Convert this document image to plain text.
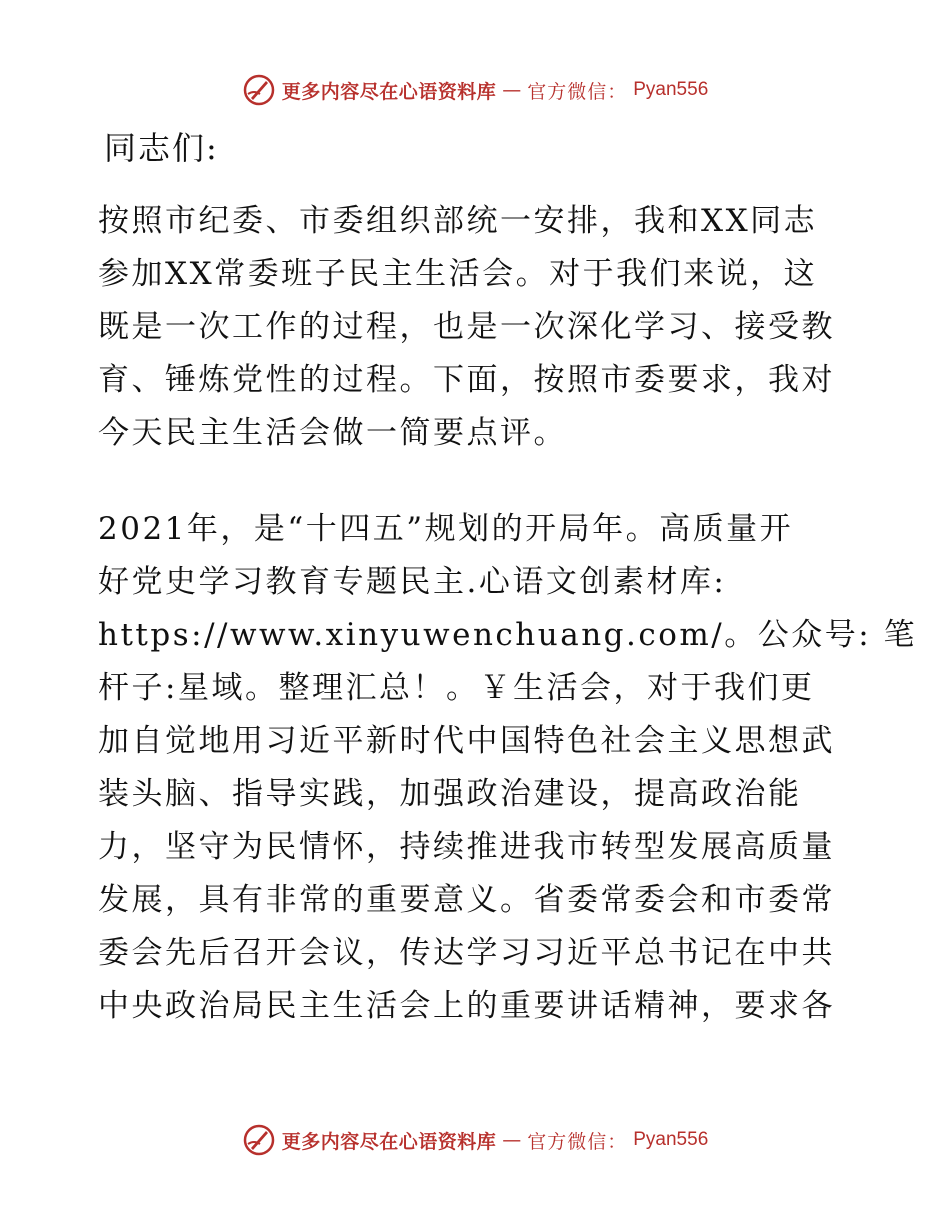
更多内容尽在心语资料库 — 官方微信： Pyan556
同志们:

按照市纪委、市委组织部统一安排，我和XX同志
参加XX常委班子民主生活会。对于我们来说，这
既是一次工作的过程，也是一次深化学习、接受教
育、锤炼党性的过程。下面，按照市委要求，我对
今天民主生活会做一简要点评。

2021年，是“十四五”规划的开局年。高质量开
好党史学习教育专题民主.心语文创素材库:
https://www.xinyuwenchuang.com/。公众号: 笔
杆子:星域。整理汇总！。￥生活会，对于我们更
加自觉地用习近平新时代中国特色社会主义思想武
装头脑、指导实践，加强政治建设，提高政治能
力，坚守为民情怀，持续推进我市转型发展高质量
发展，具有非常的重要意义。省委常委会和市委常
委会先后召开会议，传达学习习近平总书记在中共
中央政治局民主生活会上的重要讲话精神，要求各

更多内容尽在心语资料库 — 官方微信： Pyan556
